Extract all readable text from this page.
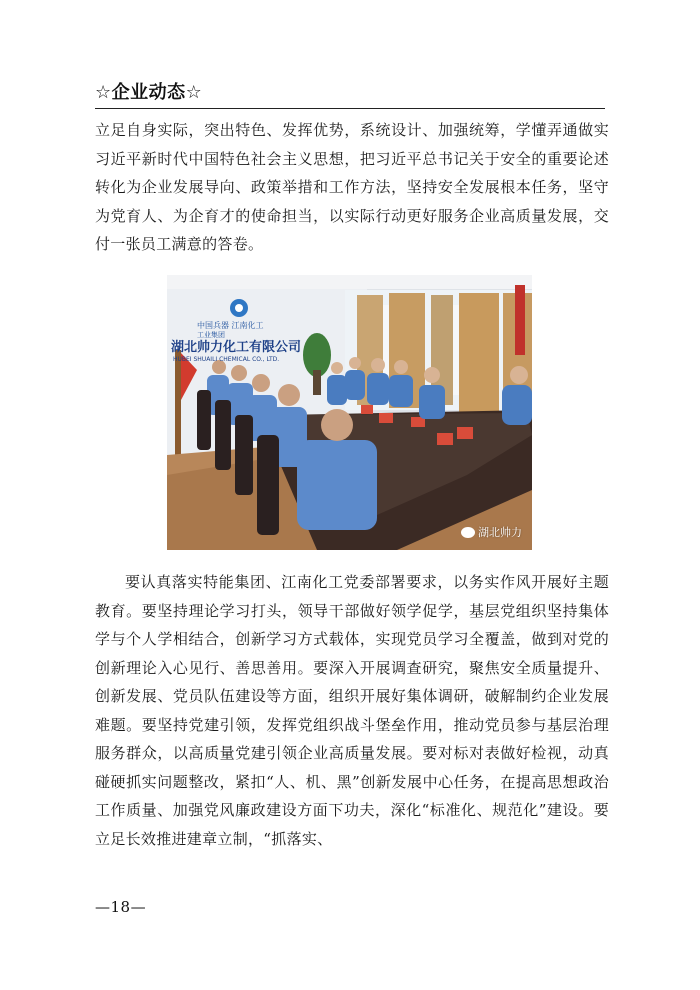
☆企业动态☆
立足自身实际，突出特色、发挥优势，系统设计、加强统筹，学懂弄通做实习近平新时代中国特色社会主义思想，把习近平总书记关于安全的重要论述转化为企业发展导向、政策举措和工作方法，坚持安全发展根本任务，坚守为党育人、为企育才的使命担当，以实际行动更好服务企业高质量发展，交付一张员工满意的答卷。
中国兵器 江南化工
工业集团
湖北帅力化工有限公司
HUBEI SHUAILI CHEMICAL CO., LTD.
湖北帅力
要认真落实特能集团、江南化工党委部署要求，以务实作风开展好主题教育。要坚持理论学习打头，领导干部做好领学促学，基层党组织坚持集体学与个人学相结合，创新学习方式载体，实现党员学习全覆盖，做到对党的创新理论入心见行、善思善用。要深入开展调查研究，聚焦安全质量提升、创新发展、党员队伍建设等方面，组织开展好集体调研，破解制约企业发展难题。要坚持党建引领，发挥党组织战斗堡垒作用，推动党员参与基层治理服务群众，以高质量党建引领企业高质量发展。要对标对表做好检视，动真碰硬抓实问题整改，紧扣“人、机、黑”创新发展中心任务，在提高思想政治工作质量、加强党风廉政建设方面下功夫，深化“标准化、规范化”建设。要立足长效推进建章立制，“抓落实、
—18—
